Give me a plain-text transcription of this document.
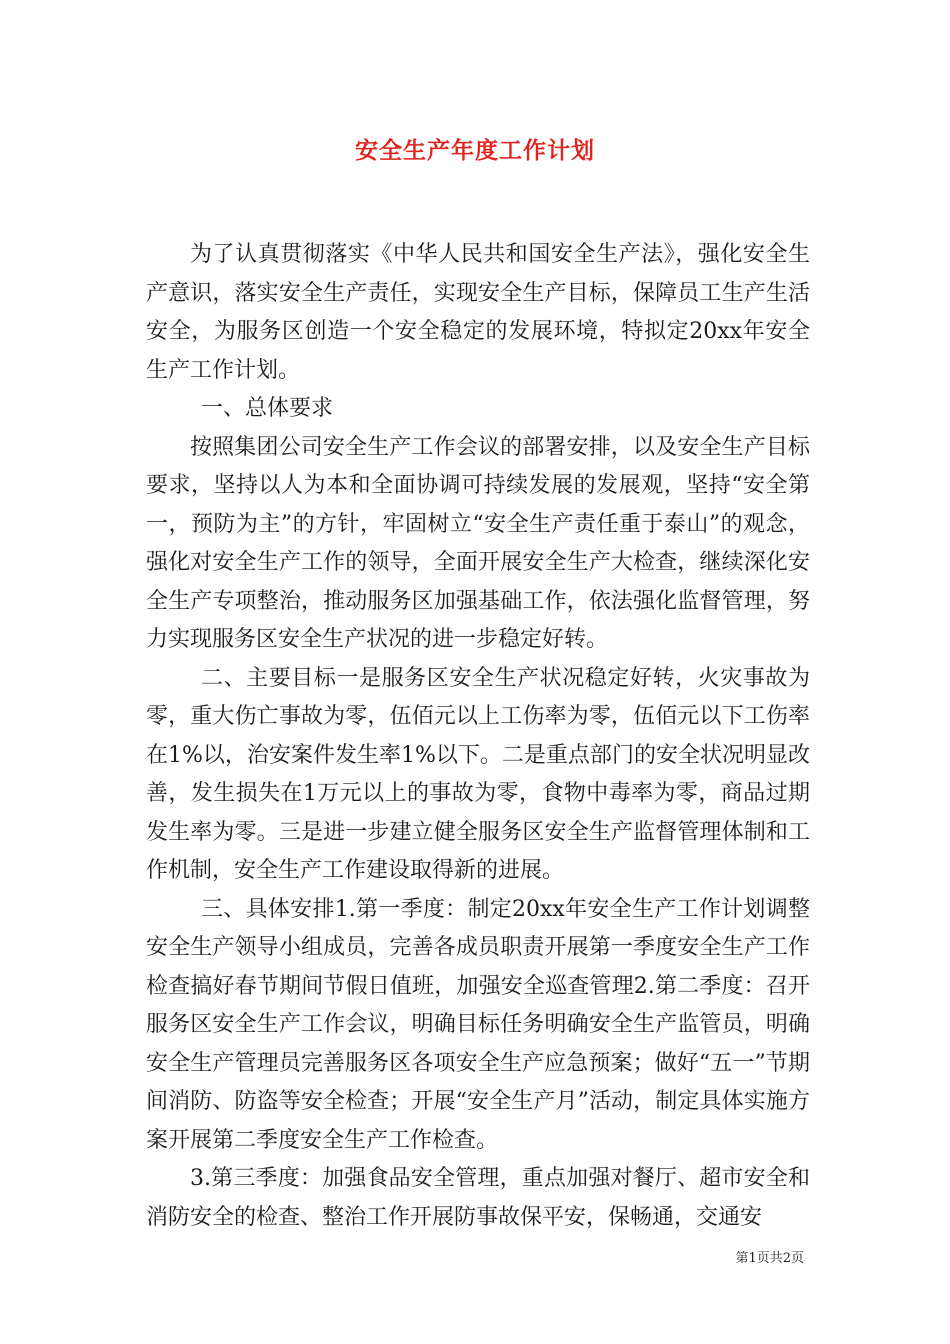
安全生产年度工作计划

为了认真贯彻落实《中华人民共和国安全生产法》，强化安全生产意识，落实安全生产责任，实现安全生产目标，保障员工生产生活安全，为服务区创造一个安全稳定的发展环境，特拟定20xx年安全生产工作计划。

一、总体要求

按照集团公司安全生产工作会议的部署安排，以及安全生产目标要求，坚持以人为本和全面协调可持续发展的发展观，坚持“安全第一，预防为主”的方针，牢固树立“安全生产责任重于泰山”的观念，强化对安全生产工作的领导，全面开展安全生产大检查，继续深化安全生产专项整治，推动服务区加强基础工作，依法强化监督管理，努力实现服务区安全生产状况的进一步稳定好转。

二、主要目标一是服务区安全生产状况稳定好转，火灾事故为零，重大伤亡事故为零，伍佰元以上工伤率为零，伍佰元以下工伤率在1%以，治安案件发生率1%以下。二是重点部门的安全状况明显改善，发生损失在1万元以上的事故为零，食物中毒率为零，商品过期发生率为零。三是进一步建立健全服务区安全生产监督管理体制和工作机制，安全生产工作建设取得新的进展。

三、具体安排1.第一季度：制定20xx年安全生产工作计划调整安全生产领导小组成员，完善各成员职责开展第一季度安全生产工作检查搞好春节期间节假日值班，加强安全巡查管理2.第二季度：召开服务区安全生产工作会议，明确目标任务明确安全生产监管员，明确安全生产管理员完善服务区各项安全生产应急预案；做好“五一”节期间消防、防盗等安全检查；开展“安全生产月”活动，制定具体实施方案开展第二季度安全生产工作检查。

3.第三季度：加强食品安全管理，重点加强对餐厅、超市安全和消防安全的检查、整治工作开展防事故保平安，保畅通，交通安

第1页共2页
